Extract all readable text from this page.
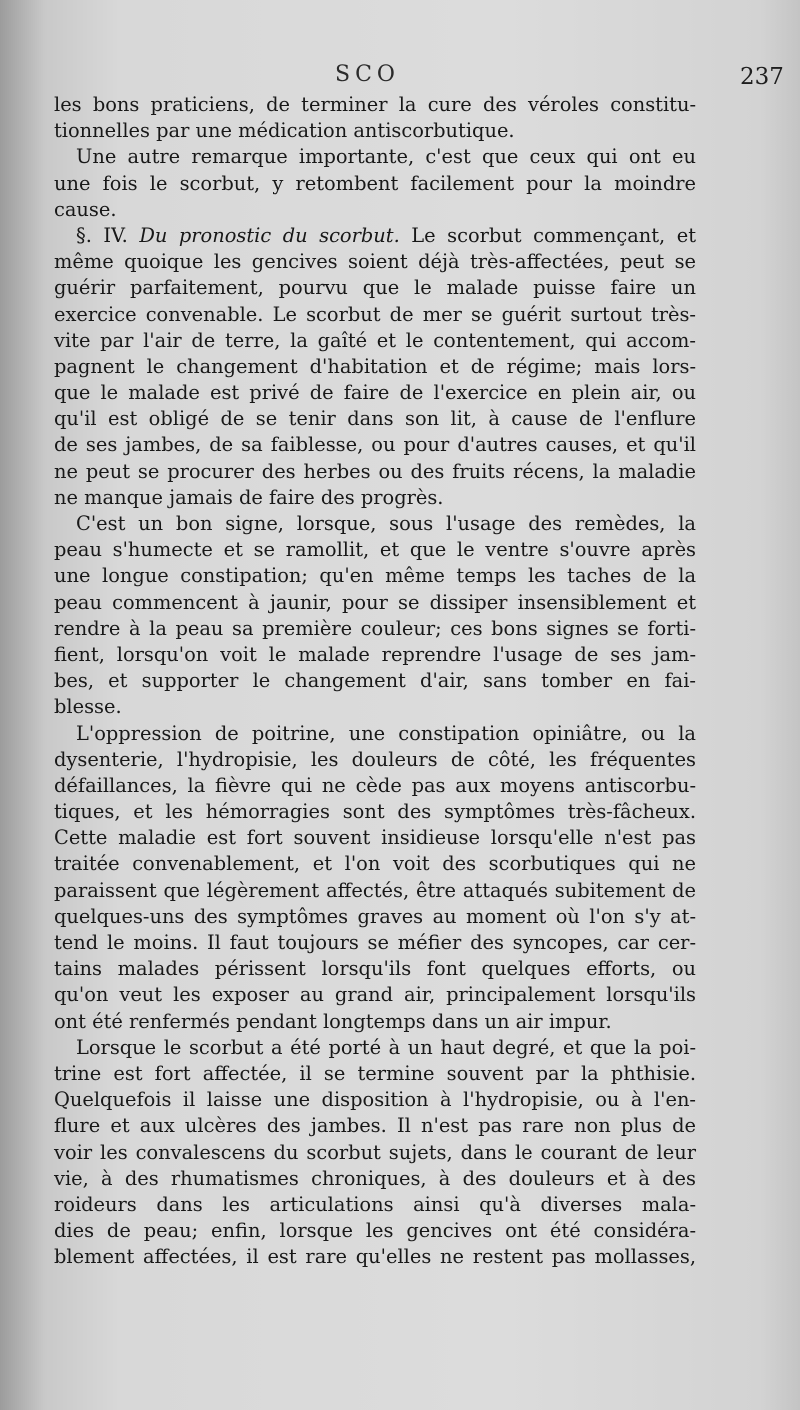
SCO	237
les bons praticiens, de terminer la cure des véroles constitu-
tionnelles par une médication antiscorbutique.
Une autre remarque importante, c'est que ceux qui ont eu
une fois le scorbut, y retombent facilement pour la moindre
cause.
§. IV. Du pronostic du scorbut. Le scorbut commençant, et
même quoique les gencives soient déjà très-affectées, peut se
guérir parfaitement, pourvu que le malade puisse faire un
exercice convenable. Le scorbut de mer se guérit surtout très-
vite par l'air de terre, la gaîté et le contentement, qui accom-
pagnent le changement d'habitation et de régime; mais lors-
que le malade est privé de faire de l'exercice en plein air, ou
qu'il est obligé de se tenir dans son lit, à cause de l'enflure
de ses jambes, de sa faiblesse, ou pour d'autres causes, et qu'il
ne peut se procurer des herbes ou des fruits récens, la maladie
ne manque jamais de faire des progrès.
C'est un bon signe, lorsque, sous l'usage des remèdes, la
peau s'humecte et se ramollit, et que le ventre s'ouvre après
une longue constipation; qu'en même temps les taches de la
peau commencent à jaunir, pour se dissiper insensiblement et
rendre à la peau sa première couleur; ces bons signes se forti-
fient, lorsqu'on voit le malade reprendre l'usage de ses jam-
bes, et supporter le changement d'air, sans tomber en fai-
blesse.
L'oppression de poitrine, une constipation opiniâtre, ou la
dysenterie, l'hydropisie, les douleurs de côté, les fréquentes
défaillances, la fièvre qui ne cède pas aux moyens antiscorbu-
tiques, et les hémorragies sont des symptômes très-fâcheux.
Cette maladie est fort souvent insidieuse lorsqu'elle n'est pas
traitée convenablement, et l'on voit des scorbutiques qui ne
paraissent que légèrement affectés, être attaqués subitement de
quelques-uns des symptômes graves au moment où l'on s'y at-
tend le moins. Il faut toujours se méfier des syncopes, car cer-
tains malades périssent lorsqu'ils font quelques efforts, ou
qu'on veut les exposer au grand air, principalement lorsqu'ils
ont été renfermés pendant longtemps dans un air impur.
Lorsque le scorbut a été porté à un haut degré, et que la poi-
trine est fort affectée, il se termine souvent par la phthisie.
Quelquefois il laisse une disposition à l'hydropisie, ou à l'en-
flure et aux ulcères des jambes. Il n'est pas rare non plus de
voir les convalescens du scorbut sujets, dans le courant de leur
vie, à des rhumatismes chroniques, à des douleurs et à des
roideurs dans les articulations ainsi qu'à diverses mala-
dies de peau; enfin, lorsque les gencives ont été considéra-
blement affectées, il est rare qu'elles ne restent pas mollasses,
